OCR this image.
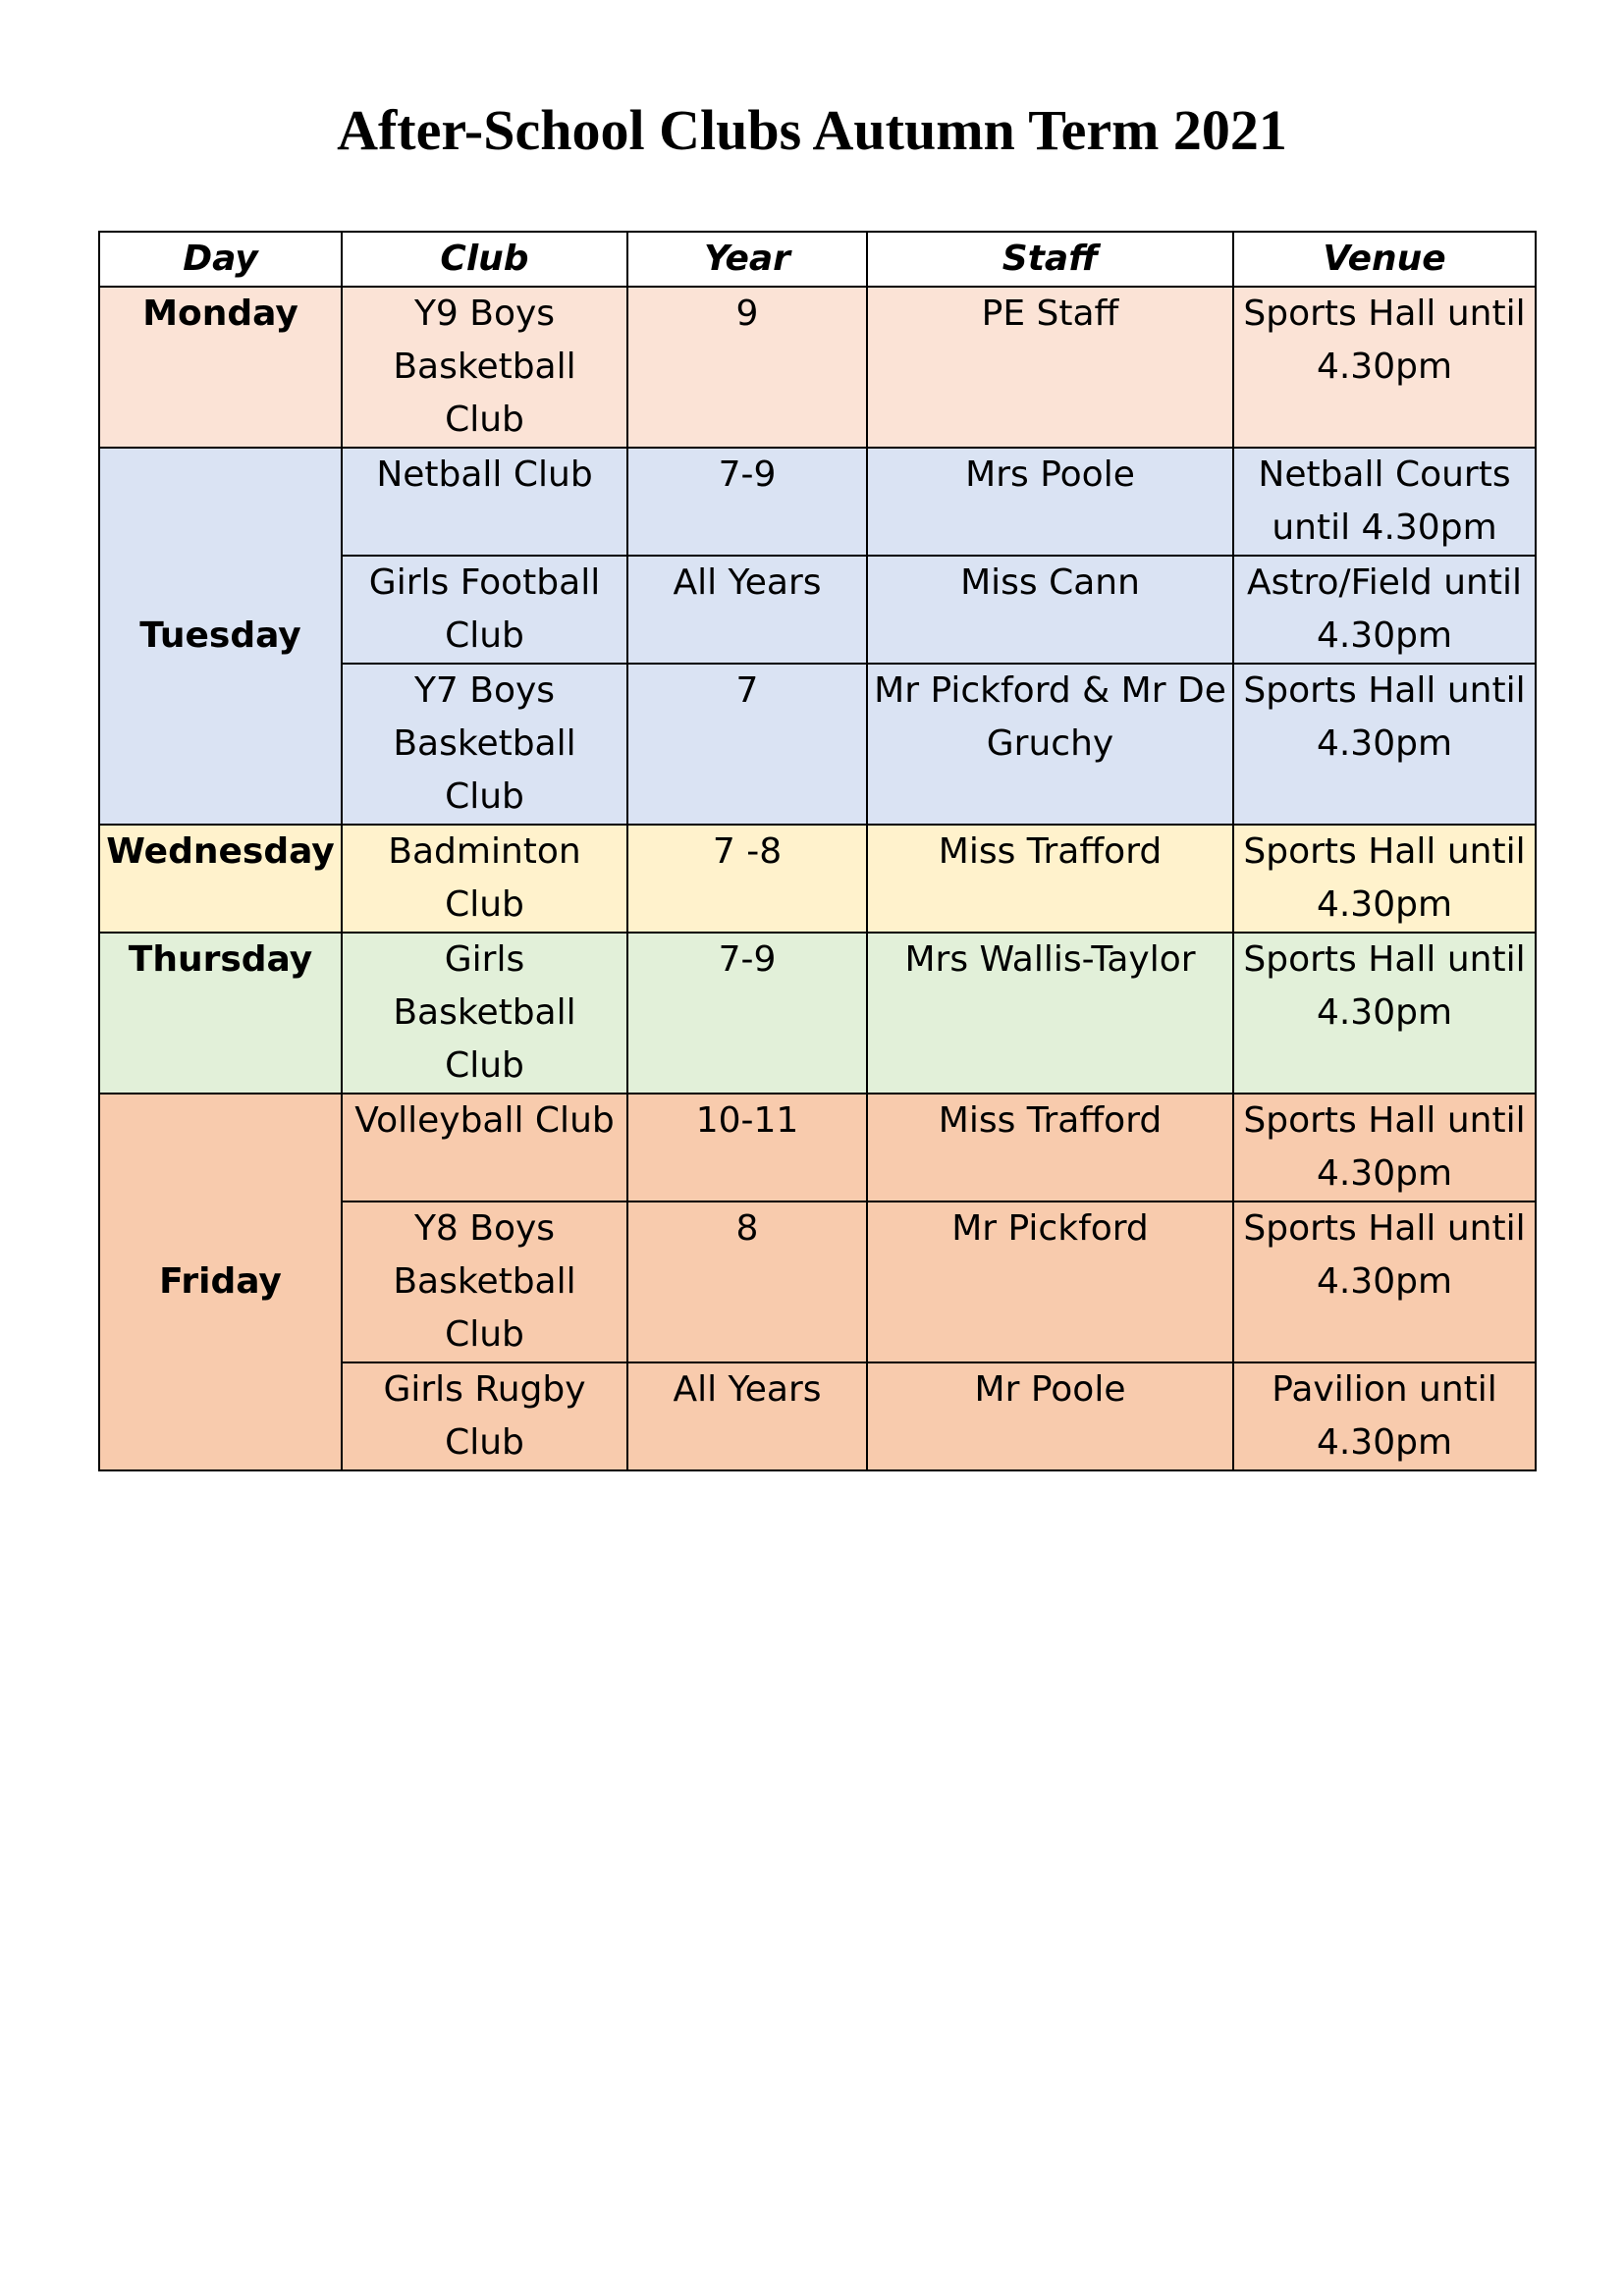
After-School Clubs Autumn Term 2021
Day	Club	Year	Staff	Venue
Monday	Y9 Boys Basketball Club	9	PE Staff	Sports Hall until 4.30pm
Tuesday	Netball Club	7-9	Mrs Poole	Netball Courts until 4.30pm
	Girls Football Club	All Years	Miss Cann	Astro/Field until 4.30pm
	Y7 Boys Basketball Club	7	Mr Pickford & Mr De Gruchy	Sports Hall until 4.30pm
Wednesday	Badminton Club	7 -8	Miss Trafford	Sports Hall until 4.30pm
Thursday	Girls Basketball Club	7-9	Mrs Wallis-Taylor	Sports Hall until 4.30pm
Friday	Volleyball Club	10-11	Miss Trafford	Sports Hall until 4.30pm
	Y8 Boys Basketball Club	8	Mr Pickford	Sports Hall until 4.30pm
	Girls Rugby Club	All Years	Mr Poole	Pavilion until 4.30pm
